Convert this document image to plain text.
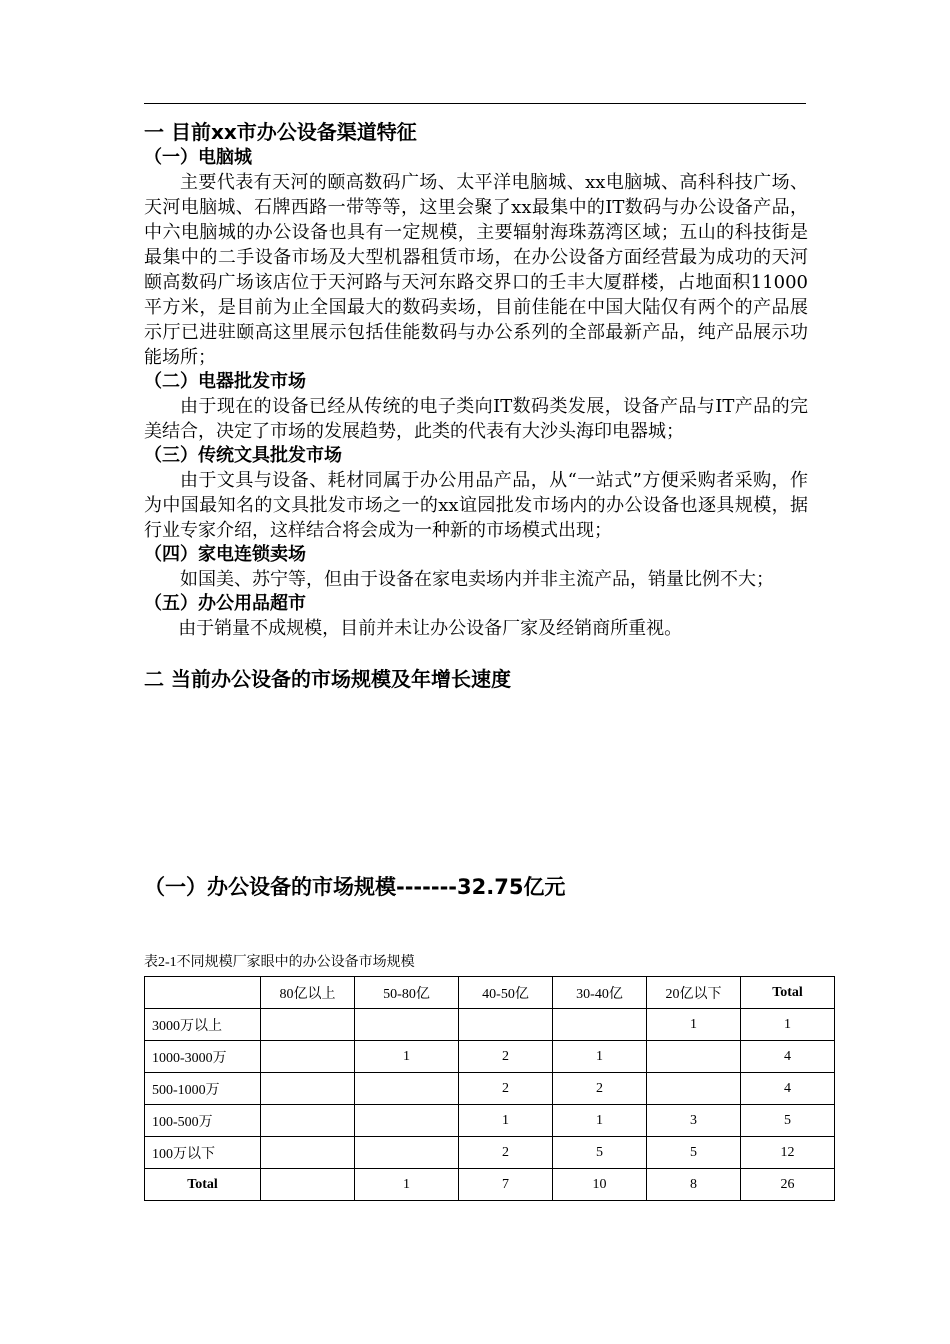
一 目前xx市办公设备渠道特征
（一）电脑城

主要代表有天河的颐高数码广场、太平洋电脑城、xx电脑城、高科科技广场、天河电脑城、石牌西路一带等等，这里会聚了xx最集中的IT数码与办公设备产品，中六电脑城的办公设备也具有一定规模，主要辐射海珠荔湾区域；五山的科技街是最集中的二手设备市场及大型机器租赁市场，在办公设备方面经营最为成功的天河颐高数码广场该店位于天河路与天河东路交界口的壬丰大厦群楼，占地面积11000平方米，是目前为止全国最大的数码卖场，目前佳能在中国大陆仅有两个的产品展示厅已进驻颐高这里展示包括佳能数码与办公系列的全部最新产品，纯产品展示功能场所；

（二）电器批发市场

由于现在的设备已经从传统的电子类向IT数码类发展，设备产品与IT产品的完美结合，决定了市场的发展趋势，此类的代表有大沙头海印电器城；

（三）传统文具批发市场

由于文具与设备、耗材同属于办公用品产品，从“一站式”方便采购者采购，作为中国最知名的文具批发市场之一的xx谊园批发市场内的办公设备也逐具规模，据行业专家介绍，这样结合将会成为一种新的市场模式出现；

（四）家电连锁卖场

如国美、苏宁等，但由于设备在家电卖场内并非主流产品，销量比例不大；

（五）办公用品超市

由于销量不成规模，目前并未让办公设备厂家及经销商所重视。

二 当前办公设备的市场规模及年增长速度
（一）办公设备的市场规模-------32.75亿元
表2-1不同规模厂家眼中的办公设备市场规模
	80亿以上	50-80亿	40-50亿	30-40亿	20亿以下	Total
3000万以上					1	1
1000-3000万		1	2	1		4
500-1000万			2	2		4
100-500万			1	1	3	5
100万以下			2	5	5	12
Total		1	7	10	8	26
